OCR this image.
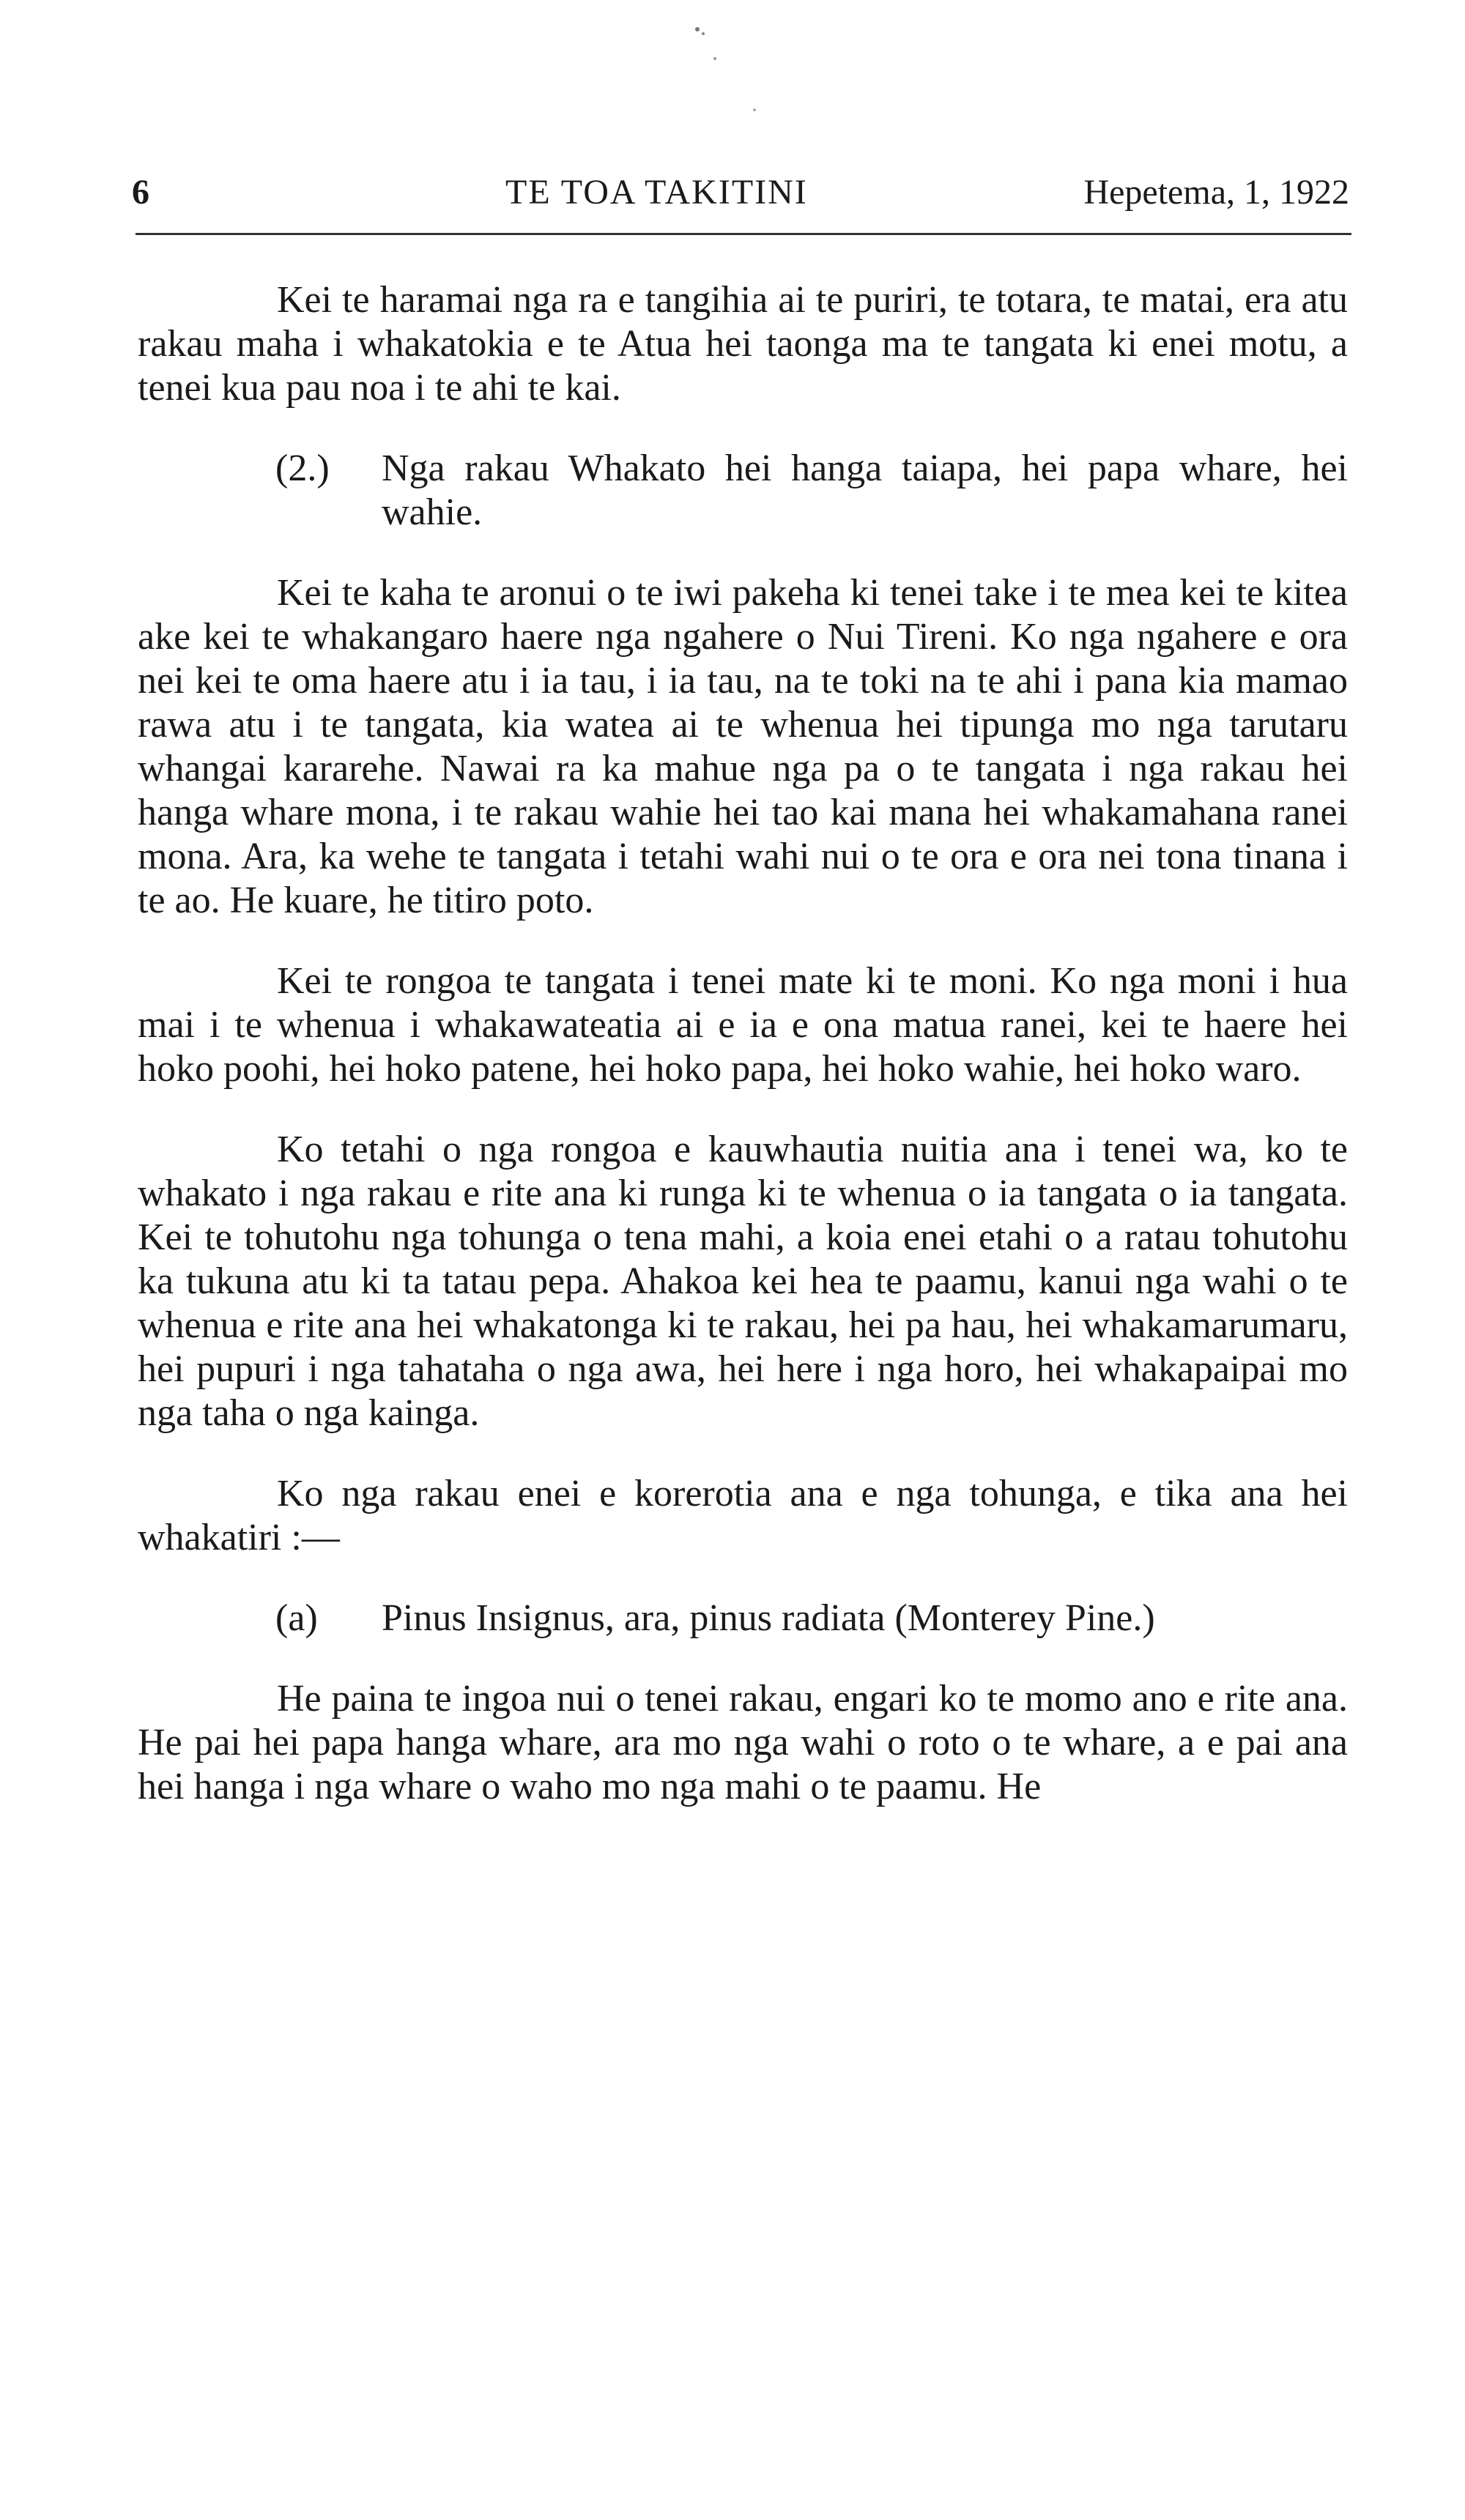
6	TE TOA TAKITINI	Hepetema, 1, 1922

Kei te haramai nga ra e tangihia ai te puriri, te totara, te matai, era atu rakau maha i whakatokia e te Atua hei taonga ma te tangata ki enei motu, a tenei kua pau noa i te ahi te kai.

(2.)	Nga rakau Whakato hei hanga taiapa, hei papa whare, hei wahie.

Kei te kaha te aronui o te iwi pakeha ki tenei take i te mea kei te kitea ake kei te whakangaro haere nga ngahere o Nui Tireni. Ko nga ngahere e ora nei kei te oma haere atu i ia tau, i ia tau, na te toki na te ahi i pana kia mamao rawa atu i te tangata, kia watea ai te whenua hei tipunga mo nga tarutaru whangai kararehe. Nawai ra ka mahue nga pa o te tangata i nga rakau hei hanga whare mona, i te rakau wahie hei tao kai mana hei whakamahana ranei mona. Ara, ka wehe te tangata i tetahi wahi nui o te ora e ora nei tona tinana i te ao. He kuare, he titiro poto.

Kei te rongoa te tangata i tenei mate ki te moni. Ko nga moni i hua mai i te whenua i whakawateatia ai e ia e ona matua ranei, kei te haere hei hoko poohi, hei hoko patene, hei hoko papa, hei hoko wahie, hei hoko waro.

Ko tetahi o nga rongoa e kauwhautia nuitia ana i tenei wa, ko te whakato i nga rakau e rite ana ki runga ki te whenua o ia tangata o ia tangata. Kei te tohutohu nga tohunga o tena mahi, a koia enei etahi o a ratau tohutohu ka tukuna atu ki ta tatau pepa. Ahakoa kei hea te paamu, kanui nga wahi o te whenua e rite ana hei whakatonga ki te rakau, hei pa hau, hei whakamarumaru, hei pupuri i nga tahataha o nga awa, hei here i nga horo, hei whakapaipai mo nga taha o nga kainga.

Ko nga rakau enei e korerotia ana e nga tohunga, e tika ana hei whakatiri :—

(a)	Pinus Insignus, ara, pinus radiata (Monterey Pine.)

He paina te ingoa nui o tenei rakau, engari ko te momo ano e rite ana. He pai hei papa hanga whare, ara mo nga wahi o roto o te whare, a e pai ana hei hanga i nga whare o waho mo nga mahi o te paamu. He
